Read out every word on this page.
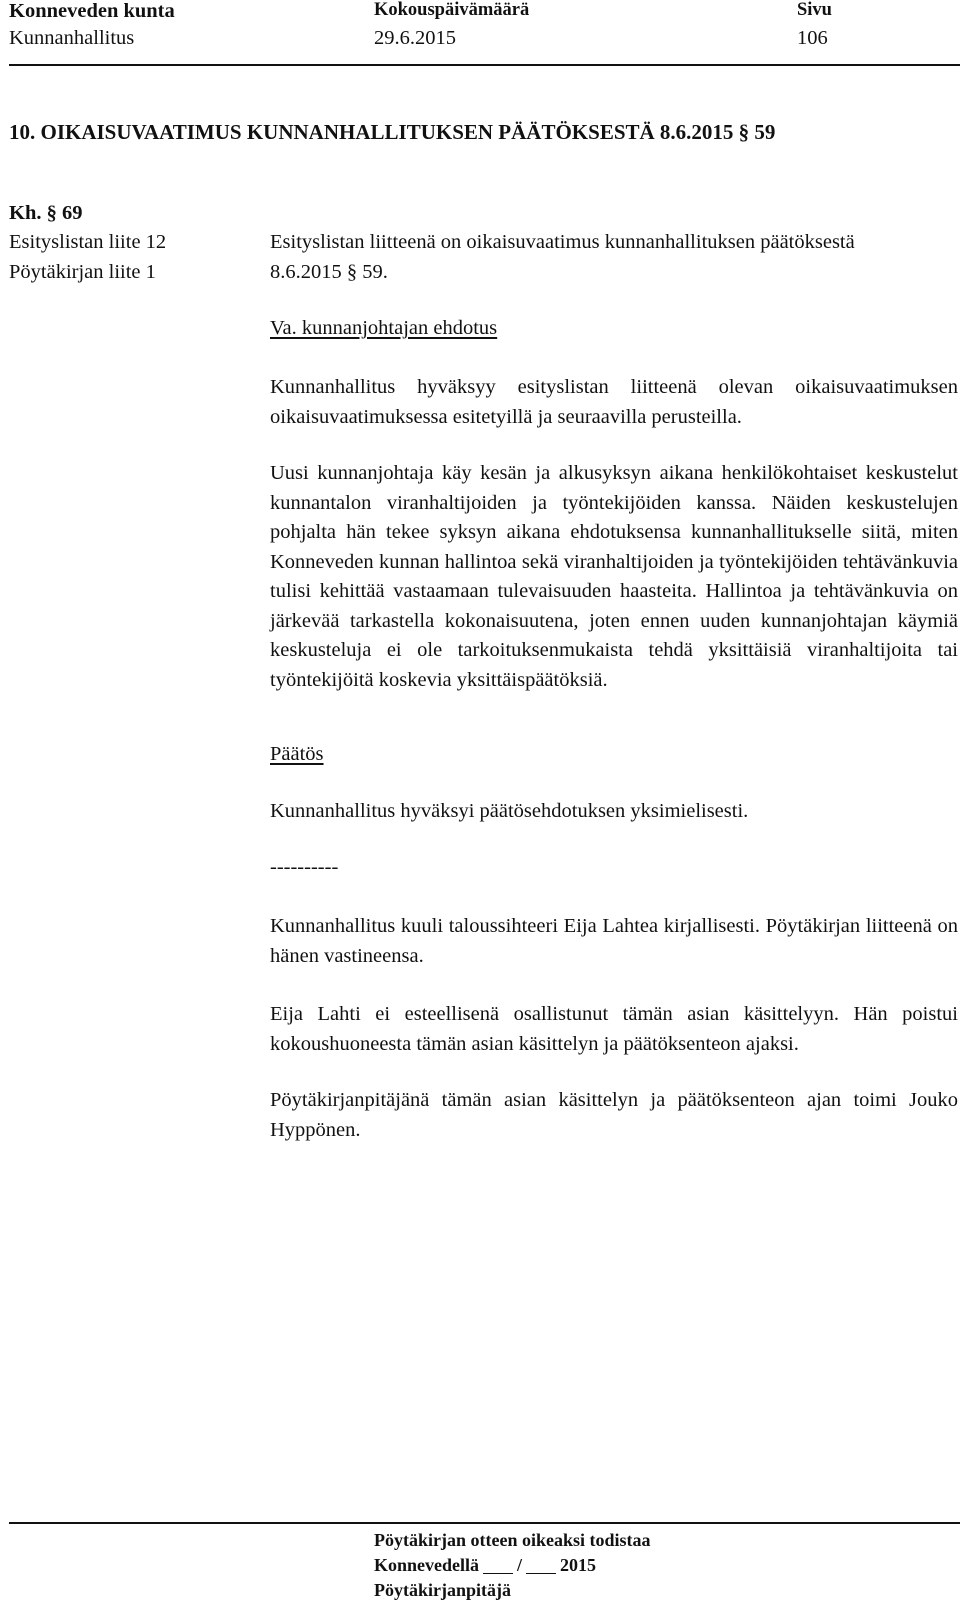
Konneveden kunta
Kunnanhallitus
Kokouspäivämäärä
29.6.2015
Sivu
106
10. OIKAISUVAATIMUS KUNNANHALLITUKSEN PÄÄTÖKSESTÄ 8.6.2015 § 59
Kh. § 69
Esityslistan liite 12
Pöytäkirjan liite 1
Esityslistan liitteenä on oikaisuvaatimus kunnanhallituksen päätöksestä
8.6.2015 § 59.
Va. kunnanjohtajan ehdotus
Kunnanhallitus hyväksyy esityslistan liitteenä olevan oikaisuvaatimuksen oikaisuvaatimuksessa esitetyillä ja seuraavilla perusteilla.
Uusi kunnanjohtaja käy kesän ja alkusyksyn aikana henkilökohtaiset keskustelut kunnantalon viranhaltijoiden ja työntekijöiden kanssa. Näiden keskustelujen pohjalta hän tekee syksyn aikana ehdotuksensa kunnanhallitukselle siitä, miten Konneveden kunnan hallintoa sekä viranhaltijoiden ja työntekijöiden tehtävänkuvia tulisi kehittää vastaamaan tulevaisuuden haasteita. Hallintoa ja tehtävänkuvia on järkevää tarkastella kokonaisuutena, joten ennen uuden kunnanjohtajan käymiä keskusteluja ei ole tarkoituksenmukaista tehdä yksittäisiä viranhaltijoita tai työntekijöitä koskevia yksittäispäätöksiä.
Päätös
Kunnanhallitus hyväksyi päätösehdotuksen yksimielisesti.
----------
Kunnanhallitus kuuli taloussihteeri Eija Lahtea kirjallisesti. Pöytäkirjan liitteenä on hänen vastineensa.
Eija Lahti ei esteellisenä osallistunut tämän asian käsittelyyn. Hän poistui kokoushuoneesta tämän asian käsittelyn ja päätöksenteon ajaksi.
Pöytäkirjanpitäjänä tämän asian käsittelyn ja päätöksenteon ajan toimi Jouko Hyppönen.
Pöytäkirjan otteen oikeaksi todistaa
Konnevedellä / 2015
Pöytäkirjanpitäjä
